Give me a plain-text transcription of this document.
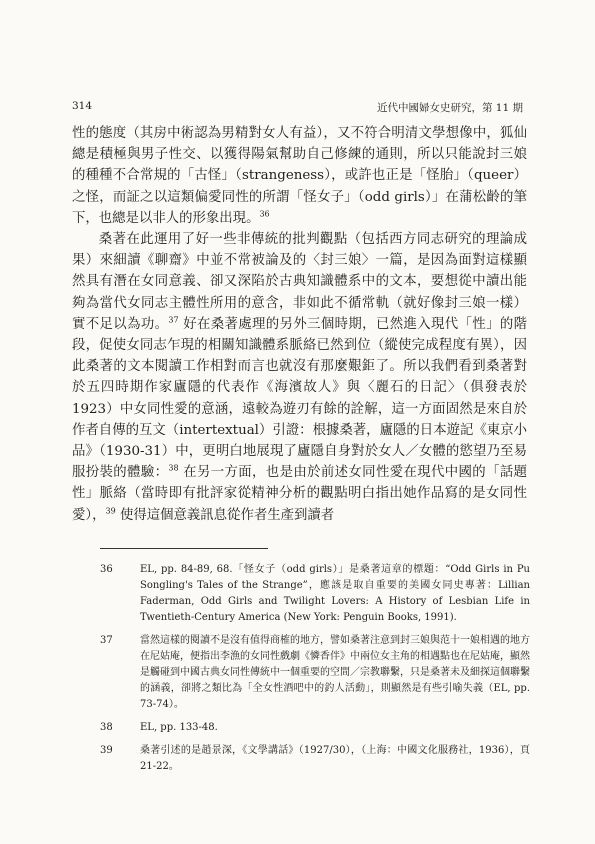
314	近代中國婦女史研究，第 11 期

性的態度（其房中術認為男精對女人有益），又不符合明清文學想像中，狐仙總是積極與男子性交、以獲得陽氣幫助自己修練的通則，所以只能說封三娘的種種不合常規的「古怪」（strangeness），或許也正是「怪胎」（queer）之怪，而証之以這類偏愛同性的所謂「怪女子」（odd girls）」在蒲松齡的筆下，也總是以非人的形象出現。$^{36}$

桑著在此運用了好一些非傳統的批判觀點（包括西方同志研究的理論成果）來細讀《聊齋》中並不常被論及的〈封三娘〉一篇，是因為面對這樣顯然具有潛在女同意義、卻又深陷於古典知識體系中的文本，要想從中讀出能夠為當代女同志主體性所用的意含，非如此不循常軌（就好像封三娘一樣）實不足以為功。$^{37}$ 好在桑著處理的另外三個時期，已然進入現代「性」的階段，促使女同志乍現的相關知識體系脈絡已然到位（縱使完成程度有異），因此桑著的文本閱讀工作相對而言也就沒有那麼艱鉅了。所以我們看到桑著對於五四時期作家廬隱的代表作《海濱故人》與〈麗石的日記〉（俱發表於 1923）中女同性愛的意涵，遠較為遊刃有餘的詮解，這一方面固然是來自於作者自傳的互文（intertextual）引證：根據桑著，廬隱的日本遊記《東京小品》（1930-31）中，更明白地展現了廬隱自身對於女人／女體的慾望乃至易服扮裝的體驗：$^{38}$ 在另一方面，也是由於前述女同性愛在現代中國的「話題性」脈絡（當時即有批評家從精神分析的觀點明白指出她作品寫的是女同性愛），$^{39}$ 使得這個意義訊息從作者生產到讀者

36	EL, pp. 84-89, 68.「怪女子（odd girls）」是桑著這章的標題：“Odd Girls in Pu Songling's Tales of the Strange”，應該是取自重要的美國女同史專著：Lillian Faderman, Odd Girls and Twilight Lovers: A History of Lesbian Life in Twentieth-Century America (New York: Penguin Books, 1991).
37	當然這樣的閱讀不是沒有值得商榷的地方，譬如桑著注意到封三娘與范十一娘相遇的地方在尼姑庵，便指出李漁的女同性戲劇《憐香伴》中兩位女主角的相遇點也在尼姑庵，顯然是觸碰到中國古典女同性傳統中一個重要的空間／宗教聯繫，只是桑著未及細探這個聯繫的涵義，卻將之類比為「全女性酒吧中的釣人活動」，則顯然是有些引喻失義（EL, pp. 73-74）。
38	EL, pp. 133-48.
39	桑著引述的是趙景深，《文學講話》（1927/30），（上海：中國文化服務社，1936），頁 21-22。
